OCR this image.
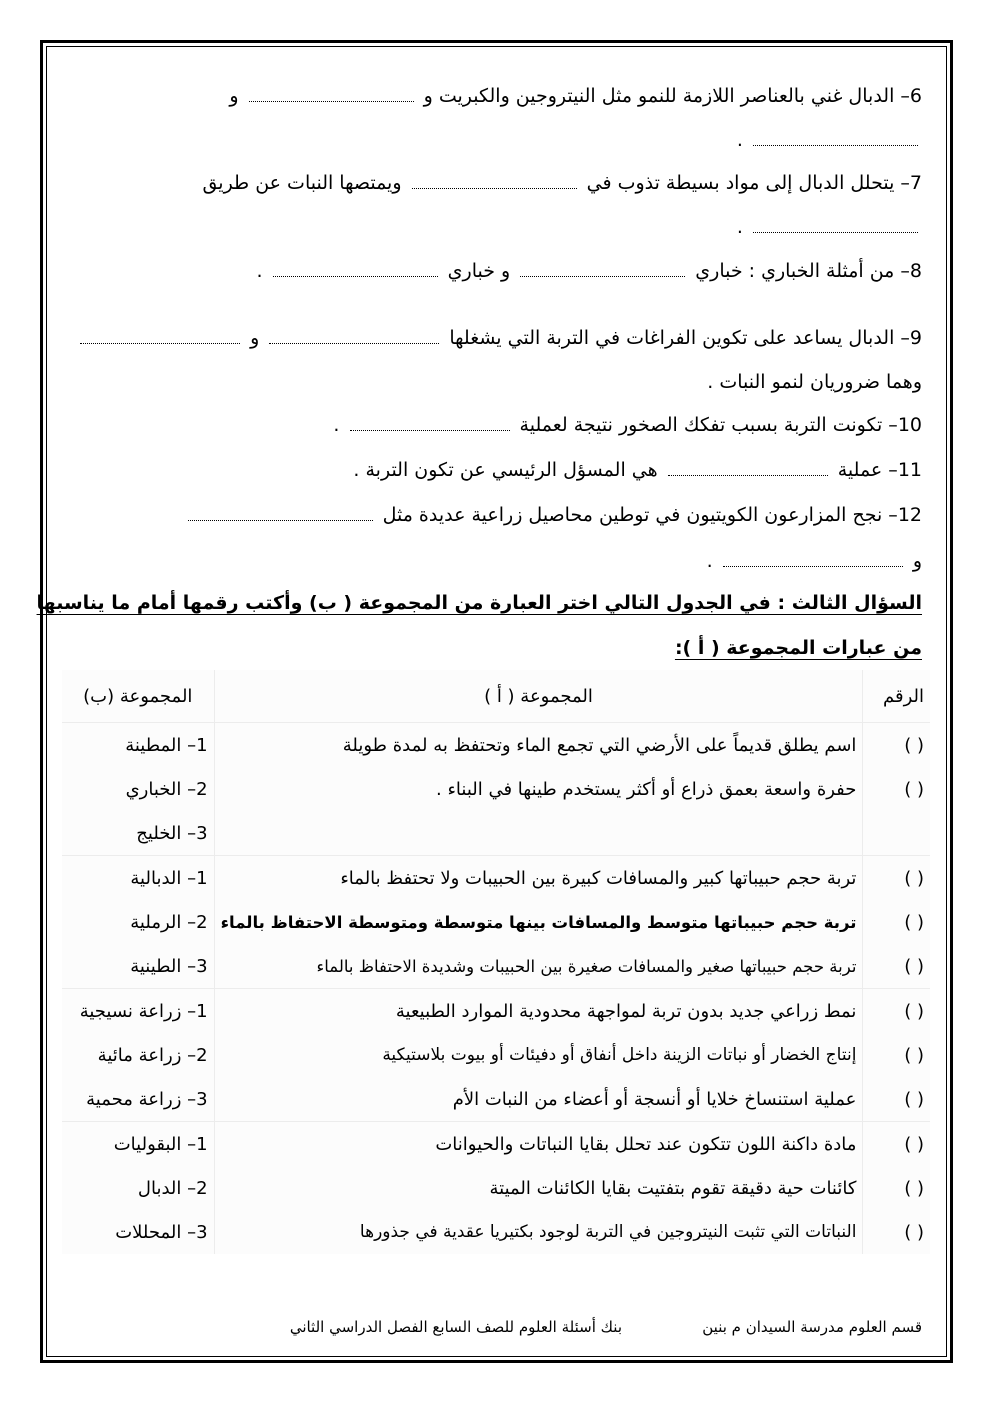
6– الدبال غني بالعناصر اللازمة للنمو مثل النيتروجين والكبريت و  و
.
7– يتحلل الدبال إلى مواد بسيطة تذوب في  ويمتصها النبات عن طريق
.
8– من أمثلة الخباري : خباري  و خباري  .
9– الدبال يساعد على تكوين الفراغات في التربة التي يشغلها  و
وهما ضروريان لنمو النبات .
10– تكونت التربة بسبب تفكك الصخور نتيجة لعملية  .
11– عملية  هي المسؤل الرئيسي عن تكون التربة .
12– نجح المزارعون الكويتيون في توطين محاصيل زراعية عديدة مثل
و  .
السؤال الثالث : في الجدول التالي اختر العبارة من المجموعة ( ب) وأكتب رقمها أمام ما يناسبها
من عبارات المجموعة ( أ ):
الرقم	المجموعة ( أ )	المجموعة (ب)
( )	اسم يطلق قديماً على الأرضي التي تجمع الماء وتحتفظ به لمدة طويلة	1– المطينة
( )	حفرة واسعة بعمق ذراع أو أكثر يستخدم طينها في البناء .	2– الخباري
		3– الخليج
( )	تربة حجم حبيباتها كبير والمسافات كبيرة بين الحبيبات ولا تحتفظ بالماء	1– الدبالية
( )	تربة حجم حبيباتها متوسط والمسافات بينها متوسطة ومتوسطة الاحتفاظ بالماء	2– الرملية
( )	تربة حجم حبيباتها صغير والمسافات صغيرة بين الحبيبات وشديدة الاحتفاظ بالماء	3– الطينية
( )	نمط زراعي جديد بدون تربة لمواجهة محدودية الموارد الطبيعية	1– زراعة نسيجية
( )	إنتاج الخضار أو نباتات الزينة داخل أنفاق أو دفيئات أو بيوت بلاستيكية	2– زراعة مائية
( )	عملية استنساخ خلايا أو أنسجة أو أعضاء من النبات الأم	3– زراعة محمية
( )	مادة داكنة اللون تتكون عند تحلل بقايا النباتات والحيوانات	1– البقوليات
( )	كائنات حية دقيقة تقوم بتفتيت بقايا الكائنات الميتة	2– الدبال
( )	النباتات التي تثبت النيتروجين في التربة لوجود بكتيريا عقدية في جذورها	3– المحللات
قسم العلوم مدرسة السيدان م بنين
بنك أسئلة العلوم للصف السابع الفصل الدراسي الثاني
